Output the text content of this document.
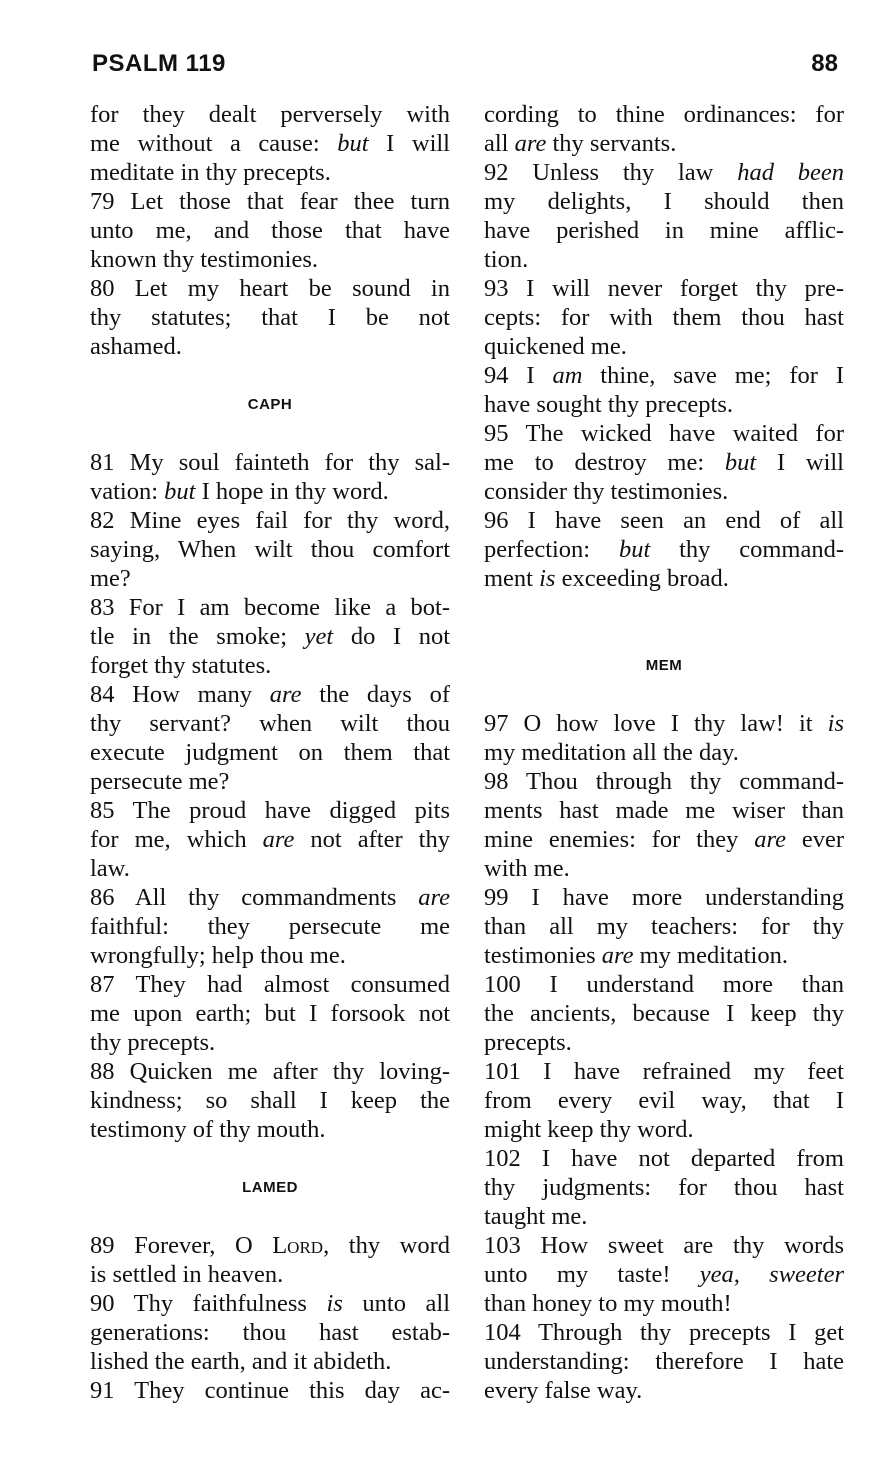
PSALM 119	88
for they dealt perversely with
me without a cause: but I will
meditate in thy precepts.
79 Let those that fear thee turn
unto me, and those that have
known thy testimonies.
80 Let my heart be sound in
thy statutes; that I be not
ashamed.
CAPH
81 My soul fainteth for thy sal-
vation: but I hope in thy word.
82 Mine eyes fail for thy word,
saying, When wilt thou comfort
me?
83 For I am become like a bot-
tle in the smoke; yet do I not
forget thy statutes.
84 How many are the days of
thy servant? when wilt thou
execute judgment on them that
persecute me?
85 The proud have digged pits
for me, which are not after thy
law.
86 All thy commandments are
faithful: they persecute me
wrongfully; help thou me.
87 They had almost consumed
me upon earth; but I forsook not
thy precepts.
88 Quicken me after thy loving-
kindness; so shall I keep the
testimony of thy mouth.
LAMED
89 Forever, O Lord, thy word
is settled in heaven.
90 Thy faithfulness is unto all
generations: thou hast estab-
lished the earth, and it abideth.
91 They continue this day ac-
cording to thine ordinances: for
all are thy servants.
92 Unless thy law had been
my delights, I should then
have perished in mine afflic-
tion.
93 I will never forget thy pre-
cepts: for with them thou hast
quickened me.
94 I am thine, save me; for I
have sought thy precepts.
95 The wicked have waited for
me to destroy me: but I will
consider thy testimonies.
96 I have seen an end of all
perfection: but thy command-
ment is exceeding broad.
MEM
97 O how love I thy law! it is
my meditation all the day.
98 Thou through thy command-
ments hast made me wiser than
mine enemies: for they are ever
with me.
99 I have more understanding
than all my teachers: for thy
testimonies are my meditation.
100 I understand more than
the ancients, because I keep thy
precepts.
101 I have refrained my feet
from every evil way, that I
might keep thy word.
102 I have not departed from
thy judgments: for thou hast
taught me.
103 How sweet are thy words
unto my taste! yea, sweeter
than honey to my mouth!
104 Through thy precepts I get
understanding: therefore I hate
every false way.
